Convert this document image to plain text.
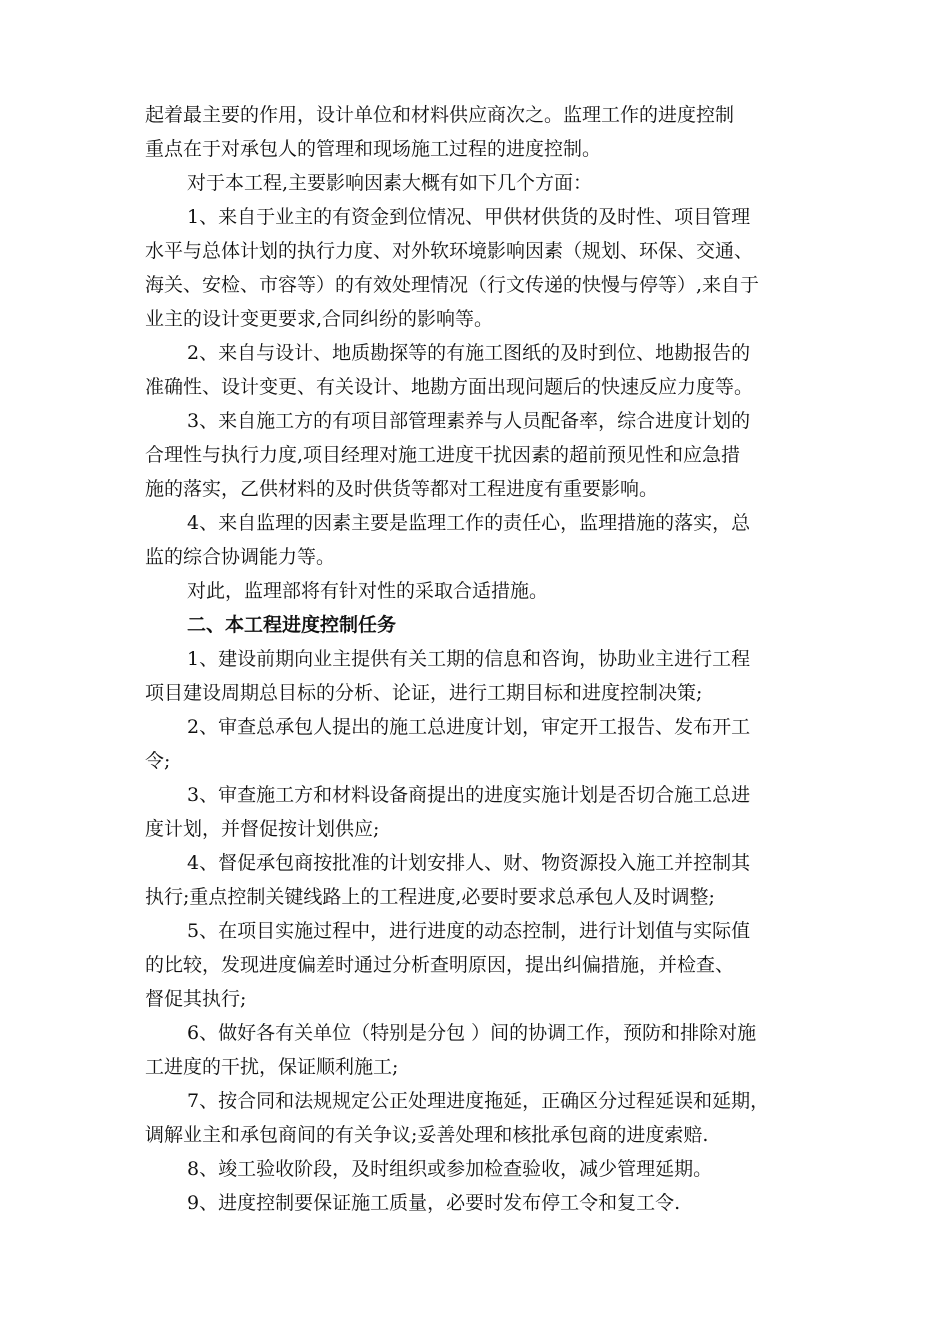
起着最主要的作用，设计单位和材料供应商次之。监理工作的进度控制
重点在于对承包人的管理和现场施工过程的进度控制。
对于本工程,主要影响因素大概有如下几个方面：
1、来自于业主的有资金到位情况、甲供材供货的及时性、项目管理
水平与总体计划的执行力度、对外软环境影响因素（规划、环保、交通、
海关、安检、市容等）的有效处理情况（行文传递的快慢与停等）,来自于
业主的设计变更要求,合同纠纷的影响等。
2、来自与设计、地质勘探等的有施工图纸的及时到位、地勘报告的
准确性、设计变更、有关设计、地勘方面出现问题后的快速反应力度等。
3、来自施工方的有项目部管理素养与人员配备率，综合进度计划的
合理性与执行力度,项目经理对施工进度干扰因素的超前预见性和应急措
施的落实，乙供材料的及时供货等都对工程进度有重要影响。
4、来自监理的因素主要是监理工作的责任心，监理措施的落实，总
监的综合协调能力等。
对此，监理部将有针对性的采取合适措施。
二、本工程进度控制任务
1、建设前期向业主提供有关工期的信息和咨询，协助业主进行工程
项目建设周期总目标的分析、论证，进行工期目标和进度控制决策;
2、审查总承包人提出的施工总进度计划，审定开工报告、发布开工
令;
3、审查施工方和材料设备商提出的进度实施计划是否切合施工总进
度计划，并督促按计划供应;
4、督促承包商按批准的计划安排人、财、物资源投入施工并控制其
执行;重点控制关键线路上的工程进度,必要时要求总承包人及时调整;
5、在项目实施过程中，进行进度的动态控制，进行计划值与实际值
的比较，发现进度偏差时通过分析查明原因，提出纠偏措施，并检查、
督促其执行;
6、做好各有关单位（特别是分包 ）间的协调工作，预防和排除对施
工进度的干扰，保证顺利施工;
7、按合同和法规规定公正处理进度拖延，正确区分过程延误和延期，
调解业主和承包商间的有关争议;妥善处理和核批承包商的进度索赔.
8、竣工验收阶段，及时组织或参加检查验收，减少管理延期。
9、进度控制要保证施工质量，必要时发布停工令和复工令.
